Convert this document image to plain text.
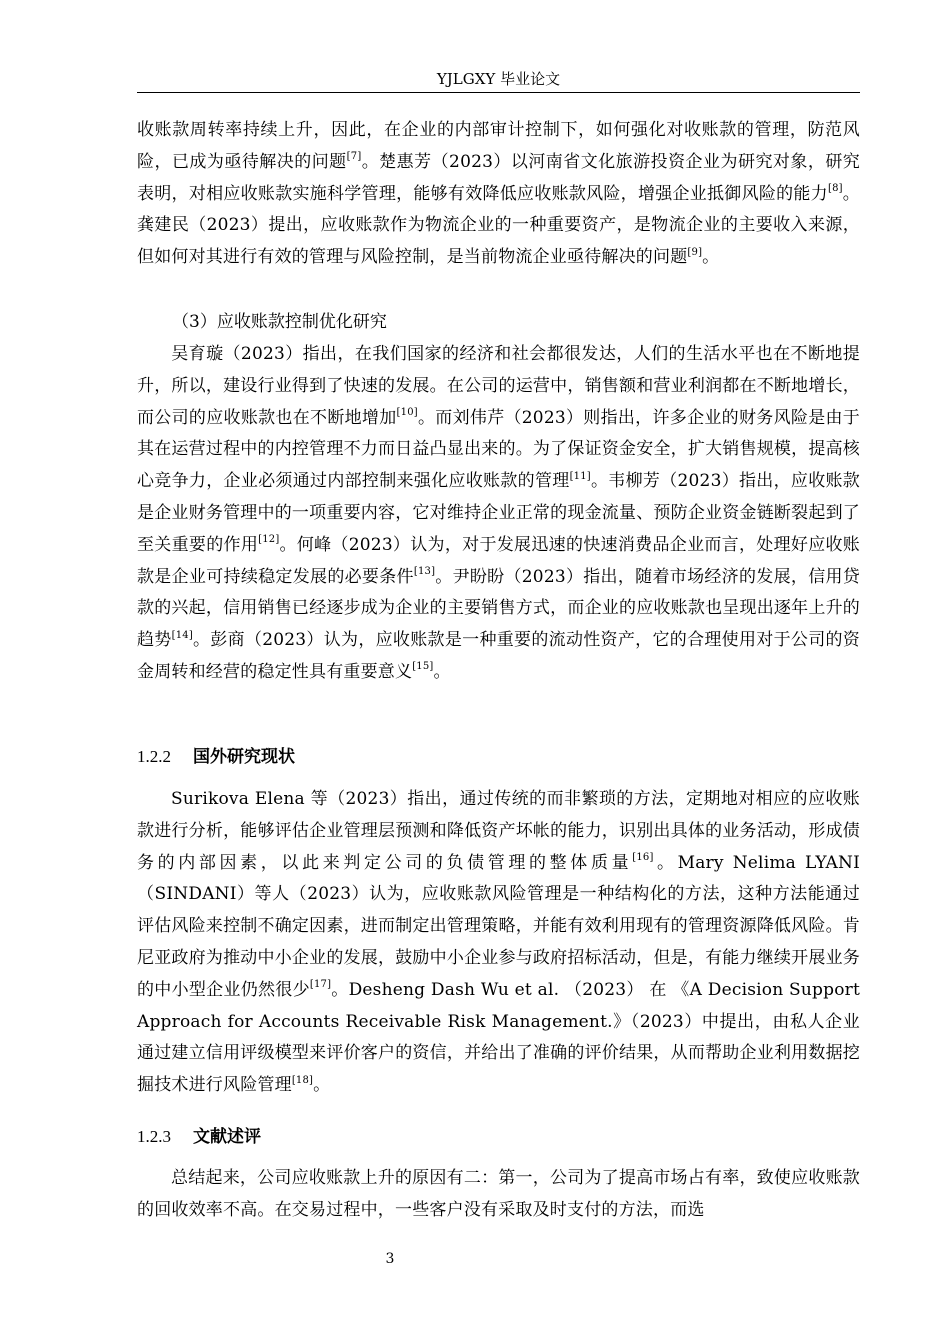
YJLGXY 毕业论文

收账款周转率持续上升，因此，在企业的内部审计控制下，如何强化对收账款的管理，防范风险，已成为亟待解决的问题[7]。楚惠芳（2023）以河南省文化旅游投资企业为研究对象，研究表明，对相应收账款实施科学管理，能够有效降低应收账款风险，增强企业抵御风险的能力[8]。龚建民（2023）提出，应收账款作为物流企业的一种重要资产，是物流企业的主要收入来源，但如何对其进行有效的管理与风险控制，是当前物流企业亟待解决的问题[9]。

（3）应收账款控制优化研究

吴育璇（2023）指出，在我们国家的经济和社会都很发达，人们的生活水平也在不断地提升，所以，建设行业得到了快速的发展。在公司的运营中，销售额和营业利润都在不断地增长，而公司的应收账款也在不断地增加[10]。而刘伟芹（2023）则指出，许多企业的财务风险是由于其在运营过程中的内控管理不力而日益凸显出来的。为了保证资金安全，扩大销售规模，提高核心竞争力，企业必须通过内部控制来强化应收账款的管理[11]。韦柳芳（2023）指出，应收账款是企业财务管理中的一项重要内容，它对维持企业正常的现金流量、预防企业资金链断裂起到了至关重要的作用[12]。何峰（2023）认为，对于发展迅速的快速消费品企业而言，处理好应收账款是企业可持续稳定发展的必要条件[13]。尹盼盼（2023）指出，随着市场经济的发展，信用贷款的兴起，信用销售已经逐步成为企业的主要销售方式，而企业的应收账款也呈现出逐年上升的趋势[14]。彭商（2023）认为，应收账款是一种重要的流动性资产，它的合理使用对于公司的资金周转和经营的稳定性具有重要意义[15]。

1.2.2 国外研究现状

Surikova Elena 等（2023）指出，通过传统的而非繁琐的方法，定期地对相应的应收账款进行分析，能够评估企业管理层预测和降低资产坏帐的能力，识别出具体的业务活动，形成债务的内部因素，以此来判定公司的负债管理的整体质量[16]。Mary Nelima LYANI （SINDANI）等人（2023）认为，应收账款风险管理是一种结构化的方法，这种方法能通过评估风险来控制不确定因素，进而制定出管理策略，并能有效利用现有的管理资源降低风险。肯尼亚政府为推动中小企业的发展，鼓励中小企业参与政府招标活动，但是，有能力继续开展业务的中小型企业仍然很少[17]。Desheng Dash Wu et al. （2023） 在 《A Decision Support Approach for Accounts Receivable Risk Management.》（2023）中提出，由私人企业通过建立信用评级模型来评价客户的资信，并给出了准确的评价结果，从而帮助企业利用数据挖掘技术进行风险管理[18]。

1.2.3 文献述评

总结起来，公司应收账款上升的原因有二：第一，公司为了提高市场占有率，致使应收账款的回收效率不高。在交易过程中，一些客户没有采取及时支付的方法，而选

3
